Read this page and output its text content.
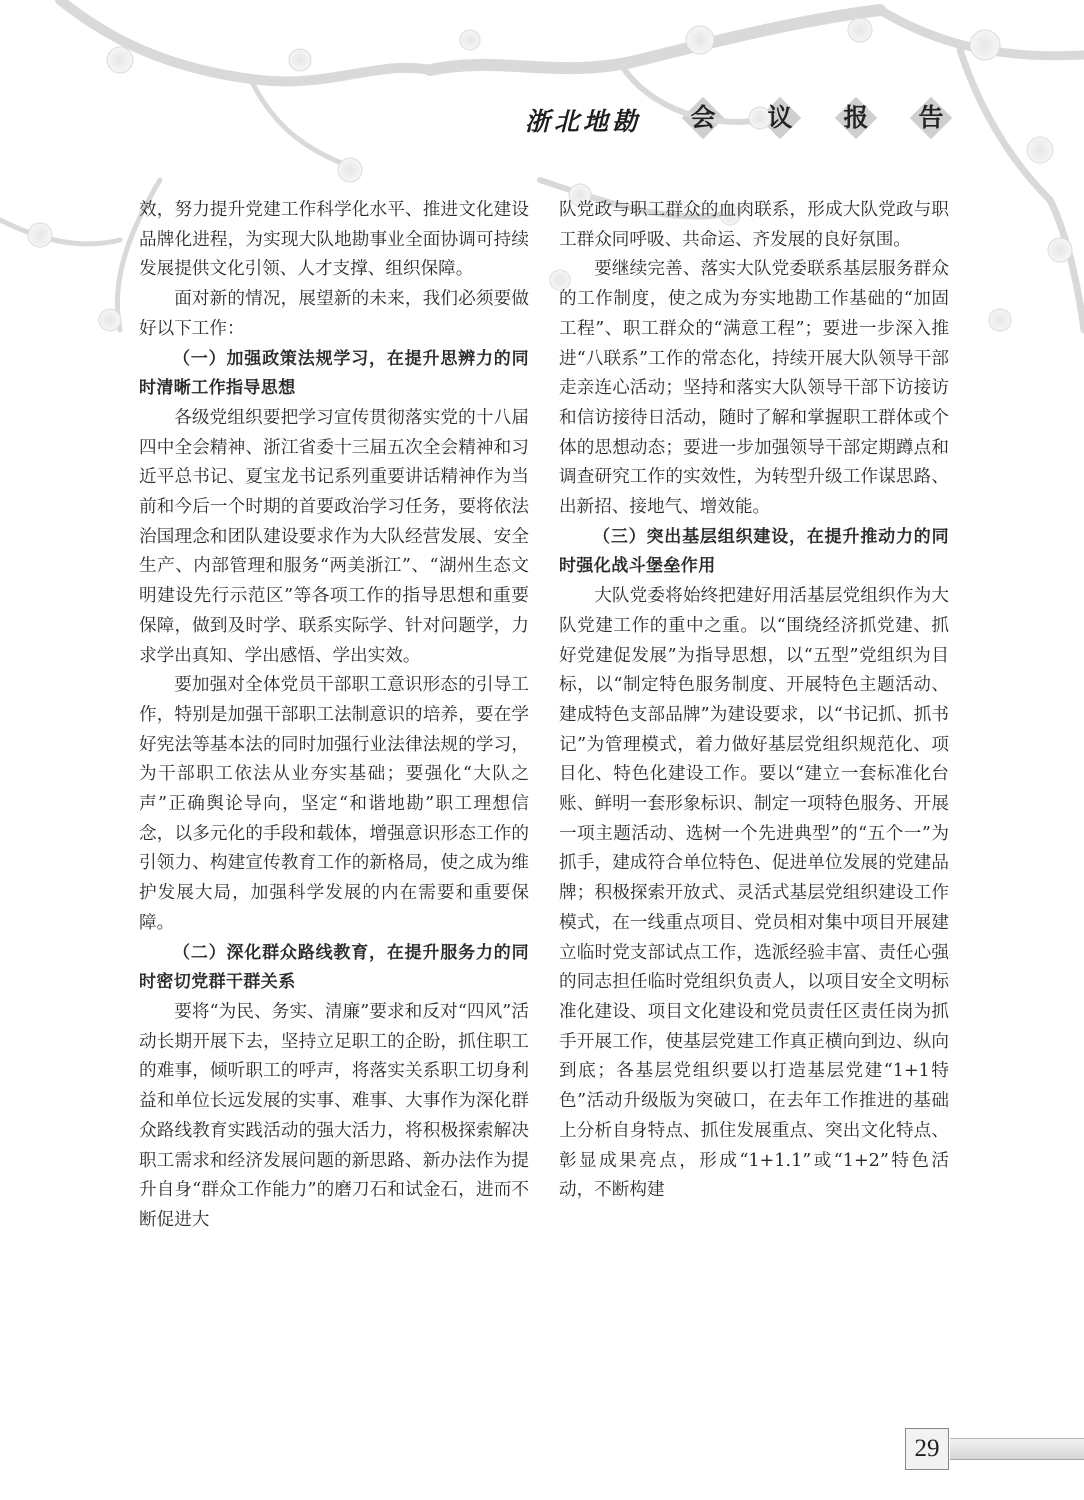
浙北地勘 会 议 报 告

效，努力提升党建工作科学化水平、推进文化建设品牌化进程，为实现大队地勘事业全面协调可持续发展提供文化引领、人才支撑、组织保障。

面对新的情况，展望新的未来，我们必须要做好以下工作：

（一）加强政策法规学习，在提升思辨力的同时清晰工作指导思想

各级党组织要把学习宣传贯彻落实党的十八届四中全会精神、浙江省委十三届五次全会精神和习近平总书记、夏宝龙书记系列重要讲话精神作为当前和今后一个时期的首要政治学习任务，要将依法治国理念和团队建设要求作为大队经营发展、安全生产、内部管理和服务“两美浙江”、“湖州生态文明建设先行示范区”等各项工作的指导思想和重要保障，做到及时学、联系实际学、针对问题学，力求学出真知、学出感悟、学出实效。

要加强对全体党员干部职工意识形态的引导工作，特别是加强干部职工法制意识的培养，要在学好宪法等基本法的同时加强行业法律法规的学习，为干部职工依法从业夯实基础；要强化“大队之声”正确舆论导向，坚定“和谐地勘”职工理想信念，以多元化的手段和载体，增强意识形态工作的引领力、构建宣传教育工作的新格局，使之成为维护发展大局，加强科学发展的内在需要和重要保障。

（二）深化群众路线教育，在提升服务力的同时密切党群干群关系

要将“为民、务实、清廉”要求和反对“四风”活动长期开展下去，坚持立足职工的企盼，抓住职工的难事，倾听职工的呼声，将落实关系职工切身利益和单位长远发展的实事、难事、大事作为深化群众路线教育实践活动的强大活力，将积极探索解决职工需求和经济发展问题的新思路、新办法作为提升自身“群众工作能力”的磨刀石和试金石，进而不断促进大

队党政与职工群众的血肉联系，形成大队党政与职工群众同呼吸、共命运、齐发展的良好氛围。

要继续完善、落实大队党委联系基层服务群众的工作制度，使之成为夯实地勘工作基础的“加固工程”、职工群众的“满意工程”；要进一步深入推进“八联系”工作的常态化，持续开展大队领导干部走亲连心活动；坚持和落实大队领导干部下访接访和信访接待日活动，随时了解和掌握职工群体或个体的思想动态；要进一步加强领导干部定期蹲点和调查研究工作的实效性，为转型升级工作谋思路、出新招、接地气、增效能。

（三）突出基层组织建设，在提升推动力的同时强化战斗堡垒作用

大队党委将始终把建好用活基层党组织作为大队党建工作的重中之重。以“围绕经济抓党建、抓好党建促发展”为指导思想，以“五型”党组织为目标，以“制定特色服务制度、开展特色主题活动、建成特色支部品牌”为建设要求，以“书记抓、抓书记”为管理模式，着力做好基层党组织规范化、项目化、特色化建设工作。要以“建立一套标准化台账、鲜明一套形象标识、制定一项特色服务、开展一项主题活动、选树一个先进典型”的“五个一”为抓手，建成符合单位特色、促进单位发展的党建品牌；积极探索开放式、灵活式基层党组织建设工作模式，在一线重点项目、党员相对集中项目开展建立临时党支部试点工作，选派经验丰富、责任心强的同志担任临时党组织负责人，以项目安全文明标准化建设、项目文化建设和党员责任区责任岗为抓手开展工作，使基层党建工作真正横向到边、纵向到底；各基层党组织要以打造基层党建“1+1特色”活动升级版为突破口，在去年工作推进的基础上分析自身特点、抓住发展重点、突出文化特点、彰显成果亮点，形成“1+1.1”或“1+2”特色活动，不断构建

29
